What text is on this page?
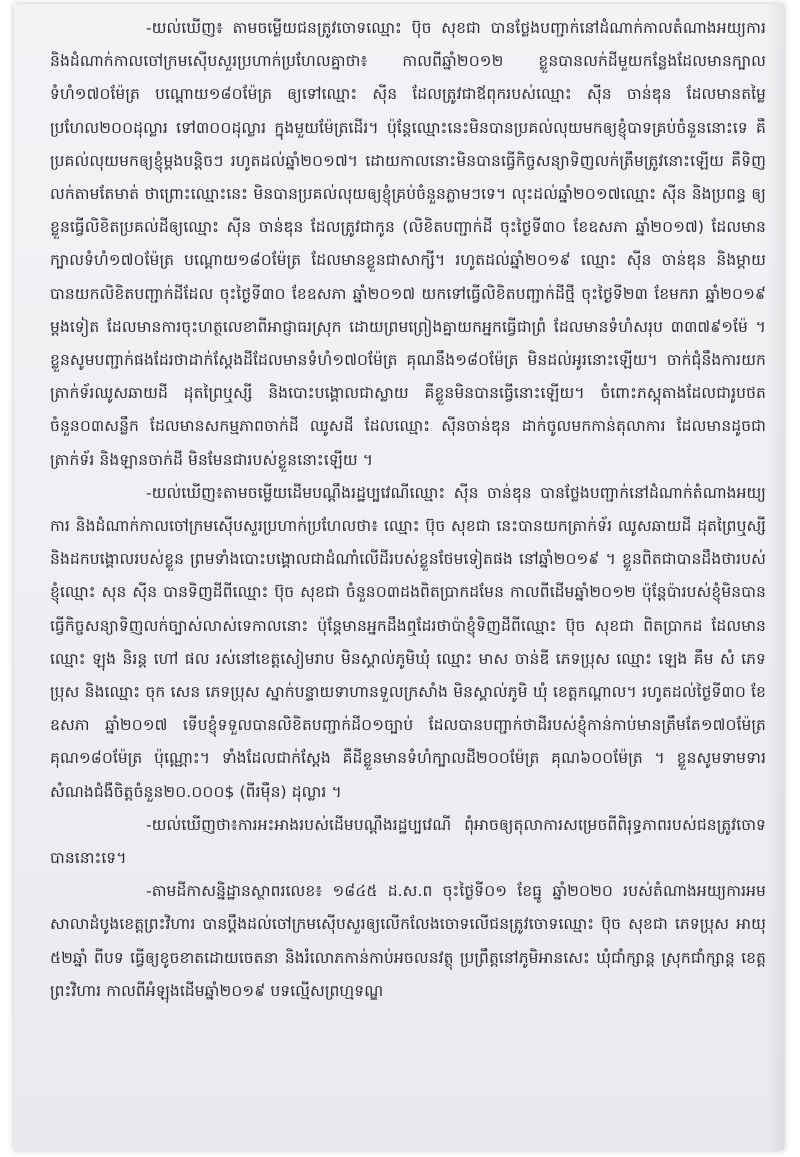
-យល់ឃើញ៖ តាមចម្លើយជនត្រូវចោទឈ្មោះ ប៊ុច សុខជា បានថ្លែងបញ្ជាក់នៅដំណាក់កាលតំណាងអយ្យការ និងដំណាក់កាលចៅក្រមស៊ើបសួរប្រហាក់ប្រហែលគ្នាថា៖ កាលពីឆ្នាំ២០១២ ខ្លួនបានលក់ដីមួយកន្លែងដែលមានក្បាល ទំហំ១៧០ម៉ែត្រ បណ្តោយ១៨០ម៉ែត្រ ឲ្យទៅឈ្មោះ ស៊ីន ដែលត្រូវជាឪពុករបស់ឈ្មោះ ស៊ីន ចាន់ឌុន ដែលមានតម្លៃប្រហែល២០០ដុល្លារ ទៅ៣០០ដុល្លារ ក្នុងមួយម៉ែត្រដើរ។ ប៉ុន្តែឈ្មោះនេះមិនបានប្រគល់លុយមកឲ្យខ្ញុំបាទគ្រប់ចំនួននោះទេ គឺប្រគល់លុយមកឲ្យខ្ញុំម្តងបន្តិចៗ រហូតដល់ឆ្នាំ២០១៧។ ដោយកាលនោះមិនបានធ្វើកិច្ចសន្យាទិញលក់ត្រឹមត្រូវនោះឡើយ គឺទិញលក់តាមតែមាត់ ថាព្រោះឈ្មោះនេះ មិនបានប្រគល់លុយឲ្យខ្ញុំគ្រប់ចំនួនភ្លាមៗទេ។ លុះដល់ឆ្នាំ២០១៧ឈ្មោះ ស៊ីន និងប្រពន្ធ ឲ្យខ្លួនធ្វើលិខិតប្រគល់ដីឲ្យឈ្មោះ ស៊ីន ចាន់ឌុន ដែលត្រូវជាកូន (លិខិតបញ្ជាក់ដី ចុះថ្ងៃទី៣០ ខែឧសភា ឆ្នាំ២០១៧) ដែលមាន ក្បាលទំហំ១៧០ម៉ែត្រ បណ្តោយ១៨០ម៉ែត្រ ដែលមានខ្លួនជាសាក្សី។ រហូតដល់ឆ្នាំ២០១៩ ឈ្មោះ ស៊ីន ចាន់ឌុន និងម្តាយបានយកលិខិតបញ្ជាក់ដីដែល ចុះថ្ងៃទី៣០ ខែឧសភា ឆ្នាំ២០១៧ យកទៅធ្វើលិខិតបញ្ជាក់ដីថ្មី ចុះថ្ងៃទី២៣ ខែមករា ឆ្នាំ២០១៩ ម្តងទៀត ដែលមានការចុះហត្ថលេខាពីអាជ្ញាធរស្រុក ដោយព្រមព្រៀងគ្នាយកអ្នកធ្វើជាព្រំ ដែលមានទំហំសរុប ៣៣៧៩១ម៉ែ ។ ខ្លួនសូមបញ្ជាក់ផងដែរថាដាក់ស្តែងដីដែលមានទំហំ១៧០ម៉ែត្រ គុណនឹង១៨០ម៉ែត្រ មិនដល់អូរនោះឡើយ។ ចាក់ជុំនឹងការយកត្រាក់ទ័រឈូសឆាយដី ដុតព្រៃឬស្សី និងបោះបង្គោលជាស្លាយ គឺខ្លួនមិនបានធ្វើនោះឡើយ។ ចំពោះភស្តុតាងដែលជារូបថតចំនួន០៣សន្លឹក ដែលមានសកម្មភាពចាក់ដី ឈូសដី ដែលឈ្មោះ ស៊ីនចាន់ឌុន ដាក់ចូលមកកាន់តុលាការ ដែលមានដូចជាត្រាក់ទ័រ និងឡានចាក់ដី មិនមែនជារបស់ខ្លួននោះឡើយ ។

-យល់ឃើញ៖តាមចម្លើយដើមបណ្តឹងរដ្ឋប្បវេណីឈ្មោះ ស៊ីន ចាន់ឌុន បានថ្លែងបញ្ជាក់នៅដំណាក់តំណាងអយ្យការ និងដំណាក់កាលចៅក្រមស៊ើបសួរប្រហាក់ប្រហែលថា៖ ឈ្មោះ ប៊ុច សុខជា នេះបានយកត្រាក់ទ័រ ឈូសឆាយដី ដុតព្រៃឬស្សី និងដកបង្គោលរបស់ខ្លួន ព្រមទាំងបោះបង្គោលជាដំណាំលើដីរបស់ខ្លួនថែមទៀតផង នៅឆ្នាំ២០១៩ ។ ខ្លួនពិតជាបានដឹងថារបស់ខ្ញុំឈ្មោះ សុន ស៊ីន បានទិញដីពីឈ្មោះ ប៊ុច សុខជា ចំនួន០៣ដងពិតប្រាកដមែន កាលពីដើមឆ្នាំ២០១២ ប៉ុន្តែប៉ារបស់ខ្ញុំមិនបានធ្វើកិច្ចសន្យាទិញលក់ច្បាស់លាស់ទេកាលនោះ ប៉ុន្តែមានអ្នកដឹងឮដែរថាប៉ាខ្ញុំទិញដីពីឈ្មោះ ប៊ុច សុខជា ពិតប្រាកដ ដែលមានឈ្មោះ ឡុង និរន្ត ហៅ ផល រស់នៅខេត្តសៀមរាប មិនស្គាល់ភូមិឃុំ ឈ្មោះ មាស ចាន់ឌី ភេទប្រុស ឈ្មោះ ឡេង គឹម សំ ភេទប្រុស និងឈ្មោះ ចុក សេន ភេទប្រុស ស្នាក់បន្ទាយទាហានទួលក្រសាំង មិនស្គាល់ភូមិ ឃុំ ខេត្តកណ្តាល។ រហូតដល់ថ្ងៃទី៣០ ខែឧសភា ឆ្នាំ២០១៧ ទើបខ្ញុំទទួលបានលិខិតបញ្ជាក់ដី០១ច្បាប់ ដែលបានបញ្ជាក់ថាដីរបស់ខ្ញុំកាន់កាប់មានត្រឹមតែ១៧០ម៉ែត្រ គុណ១៨០ម៉ែត្រ ប៉ុណ្ណោះ។ ទាំងដែលជាក់ស្តែង គឺដីខ្លួនមានទំហំក្បាលដី២០០ម៉ែត្រ គុណ៦០០ម៉ែត្រ ។ ខ្លួនសូមទាមទារសំណងជំងឺចិត្តចំនួន២០.០០០$ (ពីរម៉ឺន) ដុល្លារ ។

-យល់ឃើញថា៖ការអះអាងរបស់ដើមបណ្តឹងរដ្ឋប្បវេណី ពុំអាចឲ្យតុលាការសម្រេចពីពិរុទ្ធភាពរបស់ជនត្រូវចោទបាននោះទេ។

-តាមដីកាសន្និដ្ឋានស្ថាពរលេខ៖ ១៨៤៥ ដ.ស.ព ចុះថ្ងៃទី០១ ខែធ្នូ ឆ្នាំ២០២០ របស់តំណាងអយ្យការអមសាលាដំបូងខេត្តព្រះវិហារ បានប្តឹងដល់ចៅក្រមស៊ើបសួរឲ្យលើកលែងចោទលើជនត្រូវចោទឈ្មោះ ប៊ុច សុខជា ភេទប្រុស អាយុ ៥២ឆ្នាំ ពីបទ ធ្វើឲ្យខូចខាតដោយចេតនា និងរំលោភកាន់កាប់អចលនវត្ថុ ប្រព្រឹត្តនៅភូមិអានសេះ ឃុំជាំក្សាន្ត ស្រុកជាំក្សាន្ត ខេត្តព្រះវិហារ កាលពីអំឡុងដើមឆ្នាំ២០១៩ បទល្មើសព្រហ្មទណ្ឌ
